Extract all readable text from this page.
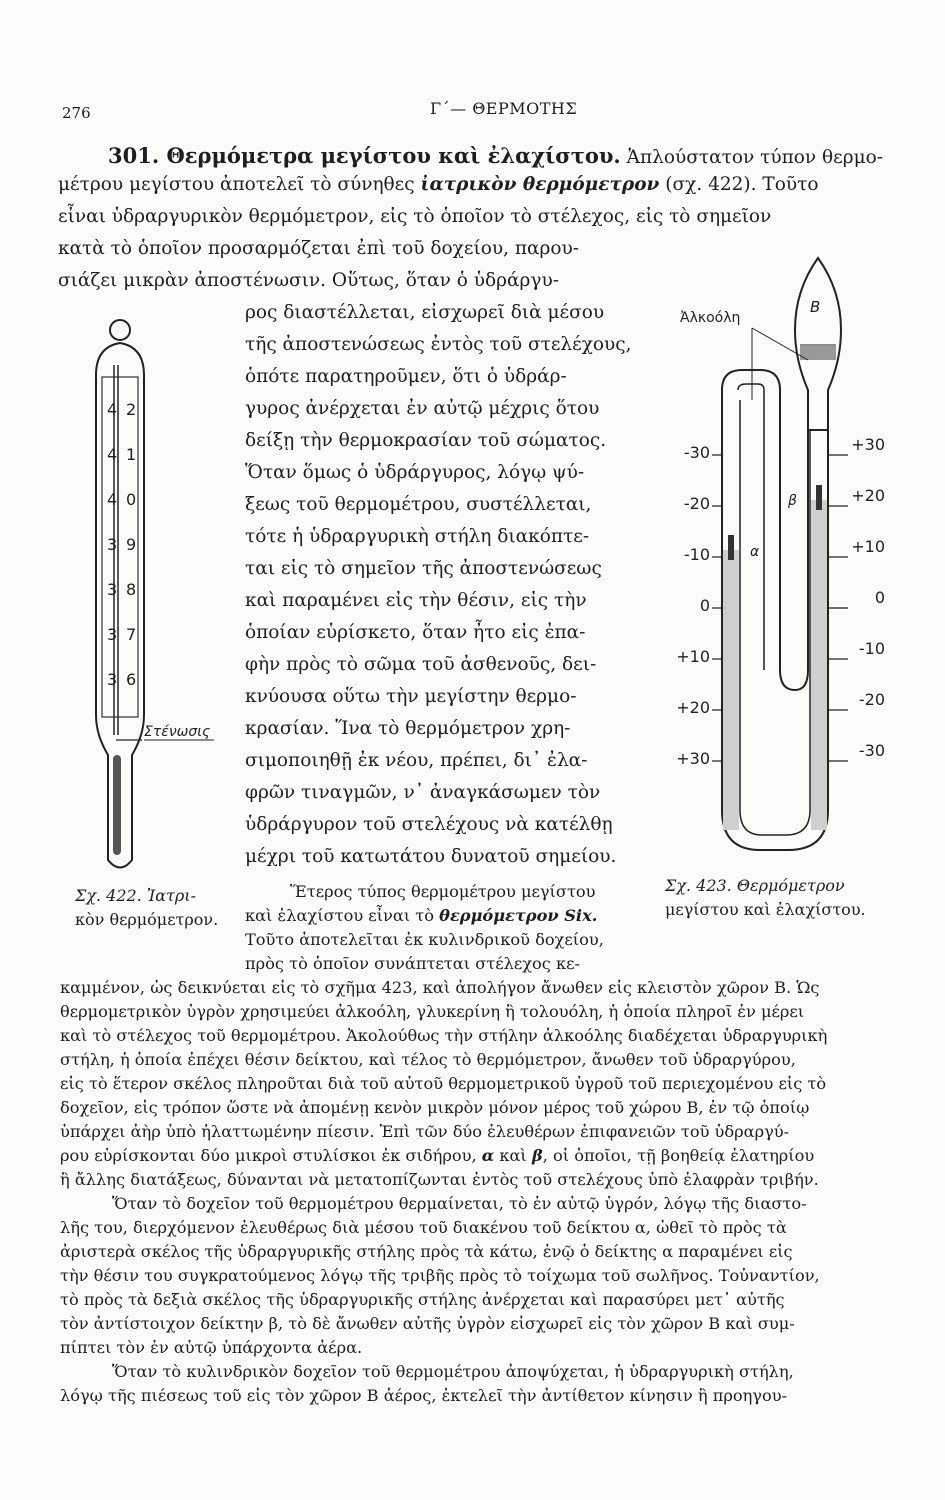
276	Γ΄— ΘΕΡΜΟΤΗΣ
301. Θερμόμετρα μεγίστου καὶ ἐλαχίστου. Ἁπλούστατον τύπον θερμο-
μέτρου μεγίστου ἀποτελεῖ τὸ σύνηθες ἰατρικὸν θερμόμετρον (σχ. 422). Τοῦτο
εἶναι ὑδραργυρικὸν θερμόμετρον, εἰς τὸ ὁποῖον τὸ στέλεχος, εἰς τὸ σημεῖον
κατὰ τὸ ὁποῖον προσαρμόζεται ἐπὶ τοῦ δοχείου, παρου-
σιάζει μικρὰν ἀποστένωσιν. Οὕτως, ὅταν ὁ ὑδράργυ-
ρος διαστέλλεται, εἰσχωρεῖ διὰ μέσου
τῆς ἀποστενώσεως ἐντὸς τοῦ στελέχους,
ὁπότε παρατηροῦμεν, ὅτι ὁ ὑδράρ-
γυρος ἀνέρχεται ἐν αὐτῷ μέχρις ὅτου
δείξῃ τὴν θερμοκρασίαν τοῦ σώματος.
Ὅταν ὅμως ὁ ὑδράργυρος, λόγῳ ψύ-
ξεως τοῦ θερμομέτρου, συστέλλεται,
τότε ἡ ὑδραργυρικὴ στήλη διακόπτε-
ται εἰς τὸ σημεῖον τῆς ἀποστενώσεως
καὶ παραμένει εἰς τὴν θέσιν, εἰς τὴν
ὁποίαν εὑρίσκετο, ὅταν ἦτο εἰς ἐπα-
φὴν πρὸς τὸ σῶμα τοῦ ἀσθενοῦς, δει-
κνύουσα οὕτω τὴν μεγίστην θερμο-
κρασίαν. Ἵνα τὸ θερμόμετρον χρη-
σιμοποιηθῇ ἐκ νέου, πρέπει, δι᾿ ἐλα-
φρῶν τιναγμῶν, ν᾿ ἀναγκάσωμεν τὸν
ὑδράργυρον τοῦ στελέχους νὰ κατέλθῃ
μέχρι τοῦ κατωτάτου δυνατοῦ σημείου.
Ἕτερος τύπος θερμομέτρου μεγίστου
καὶ ἐλαχίστου εἶναι τὸ θερμόμετρον Six.
Τοῦτο ἀποτελεῖται ἐκ κυλινδρικοῦ δοχείου,
πρὸς τὸ ὁποῖον συνάπτεται στέλεχος κε-
καμμένον, ὡς δεικνύεται εἰς τὸ σχῆμα 423, καὶ ἀπολήγον ἄνωθεν εἰς κλειστὸν χῶρον Β. Ὡς
θερμομετρικὸν ὑγρὸν χρησιμεύει ἀλκοόλη, γλυκερίνη ἢ τολουόλη, ἡ ὁποία πληροῖ ἐν μέρει
καὶ τὸ στέλεχος τοῦ θερμομέτρου. Ἀκολούθως τὴν στήλην ἀλκοόλης διαδέχεται ὑδραργυρικὴ
στήλη, ἡ ὁποία ἐπέχει θέσιν δείκτου, καὶ τέλος τὸ θερμόμετρον, ἄνωθεν τοῦ ὑδραργύρου,
εἰς τὸ ἕτερον σκέλος πληροῦται διὰ τοῦ αὐτοῦ θερμομετρικοῦ ὑγροῦ τοῦ περιεχομένου εἰς τὸ
δοχεῖον, εἰς τρόπον ὥστε νὰ ἀπομένῃ κενὸν μικρὸν μόνον μέρος τοῦ χώρου Β, ἐν τῷ ὁποίῳ
ὑπάρχει ἀὴρ ὑπὸ ἠλαττωμένην πίεσιν. Ἐπὶ τῶν δύο ἐλευθέρων ἐπιφανειῶν τοῦ ὑδραργύ-
ρου εὑρίσκονται δύο μικροὶ στυλίσκοι ἐκ σιδήρου, α καὶ β, οἱ ὁποῖοι, τῇ βοηθείᾳ ἐλατηρίου
ἢ ἄλλης διατάξεως, δύνανται νὰ μετατοπίζωνται ἐντὸς τοῦ στελέχους ὑπὸ ἐλαφρὰν τριβήν.
Ὅταν τὸ δοχεῖον τοῦ θερμομέτρου θερμαίνεται, τὸ ἐν αὐτῷ ὑγρόν, λόγῳ τῆς διαστο-
λῆς του, διερχόμενον ἐλευθέρως διὰ μέσου τοῦ διακένου τοῦ δείκτου α, ὠθεῖ τὸ πρὸς τὰ
ἀριστερὰ σκέλος τῆς ὑδραργυρικῆς στήλης πρὸς τὰ κάτω, ἐνῷ ὁ δείκτης α παραμένει εἰς
τὴν θέσιν του συγκρατούμενος λόγῳ τῆς τριβῆς πρὸς τὸ τοίχωμα τοῦ σωλῆνος. Τοὐναντίον,
τὸ πρὸς τὰ δεξιὰ σκέλος τῆς ὑδραργυρικῆς στήλης ἀνέρχεται καὶ παρασύρει μετ᾿ αὐτῆς
τὸν ἀντίστοιχον δείκτην β, τὸ δὲ ἄνωθεν αὐτῆς ὑγρὸν εἰσχωρεῖ εἰς τὸν χῶρον Β καὶ συμ-
πίπτει τὸν ἐν αὐτῷ ὑπάρχοντα ἀέρα.
Ὅταν τὸ κυλινδρικὸν δοχεῖον τοῦ θερμομέτρου ἀποψύχεται, ἡ ὑδραργυρικὴ στήλη,
λόγῳ τῆς πιέσεως τοῦ εἰς τὸν χῶρον Β ἀέρος, ἐκτελεῖ τὴν ἀντίθετον κίνησιν ἢ προηγου-
4
4
4
3
3
3
3
2
1
0
9
8
7
6
Στένωσις
Σχ. 422. Ἰατρι-
κὸν θερμόμετρον.
Β
Ἀλκοόλη
α
β
-30
-20
-10
0
+10
+20
+30
+30
+20
+10
0
-10
-20
-30
Σχ. 423. Θερμόμετρον
μεγίστου καὶ ἐλαχίστου.
